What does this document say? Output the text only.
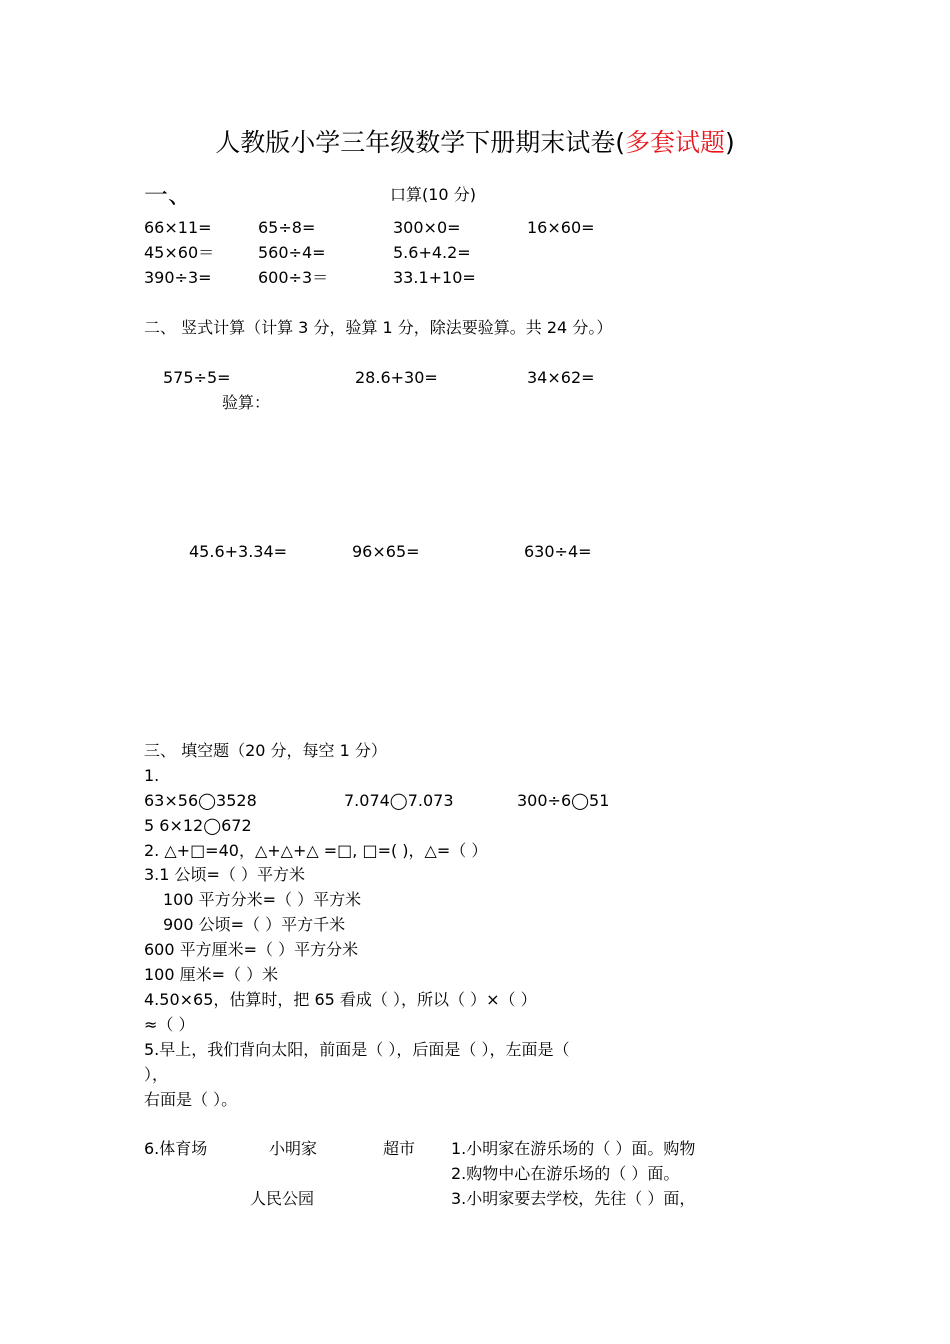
人教版小学三年级数学下册期末试卷(多套试题)
一、	口算(10 分)
66×11=	65÷8=	300×0=	16×60=
45×60＝	560÷4=	5.6+4.2=
390÷3=	600÷3＝	33.1+10=
二、 竖式计算（计算 3 分，验算 1 分，除法要验算。共 24 分。）
575÷5=	28.6+30=	34×62=
验算：
45.6+3.34=	96×65=	630÷4=
三、 填空题（20 分，每空 1 分）
1.
63×56◯3528	7.074◯7.073	300÷6◯51
5 6×12◯672
2. △+□=40，△+△+△ =□, □=( )，△=（ ）
3.1 公顷=（ ）平方米
100 平方分米=（ ）平方米
900 公顷=（ ）平方千米
600 平方厘米=（ ）平方分米
100 厘米=（ ）米
4.50×65，估算时，把 65 看成（ ），所以（ ）×（ ）
≈（ ）
5.早上，我们背向太阳，前面是（ ），后面是（ ），左面是（
），
右面是（ ）。
6.体育场	小明家	超市
人民公园
1.小明家在游乐场的（ ）面。购物
2.购物中心在游乐场的（ ）面。
3.小明家要去学校，先往（ ）面，
